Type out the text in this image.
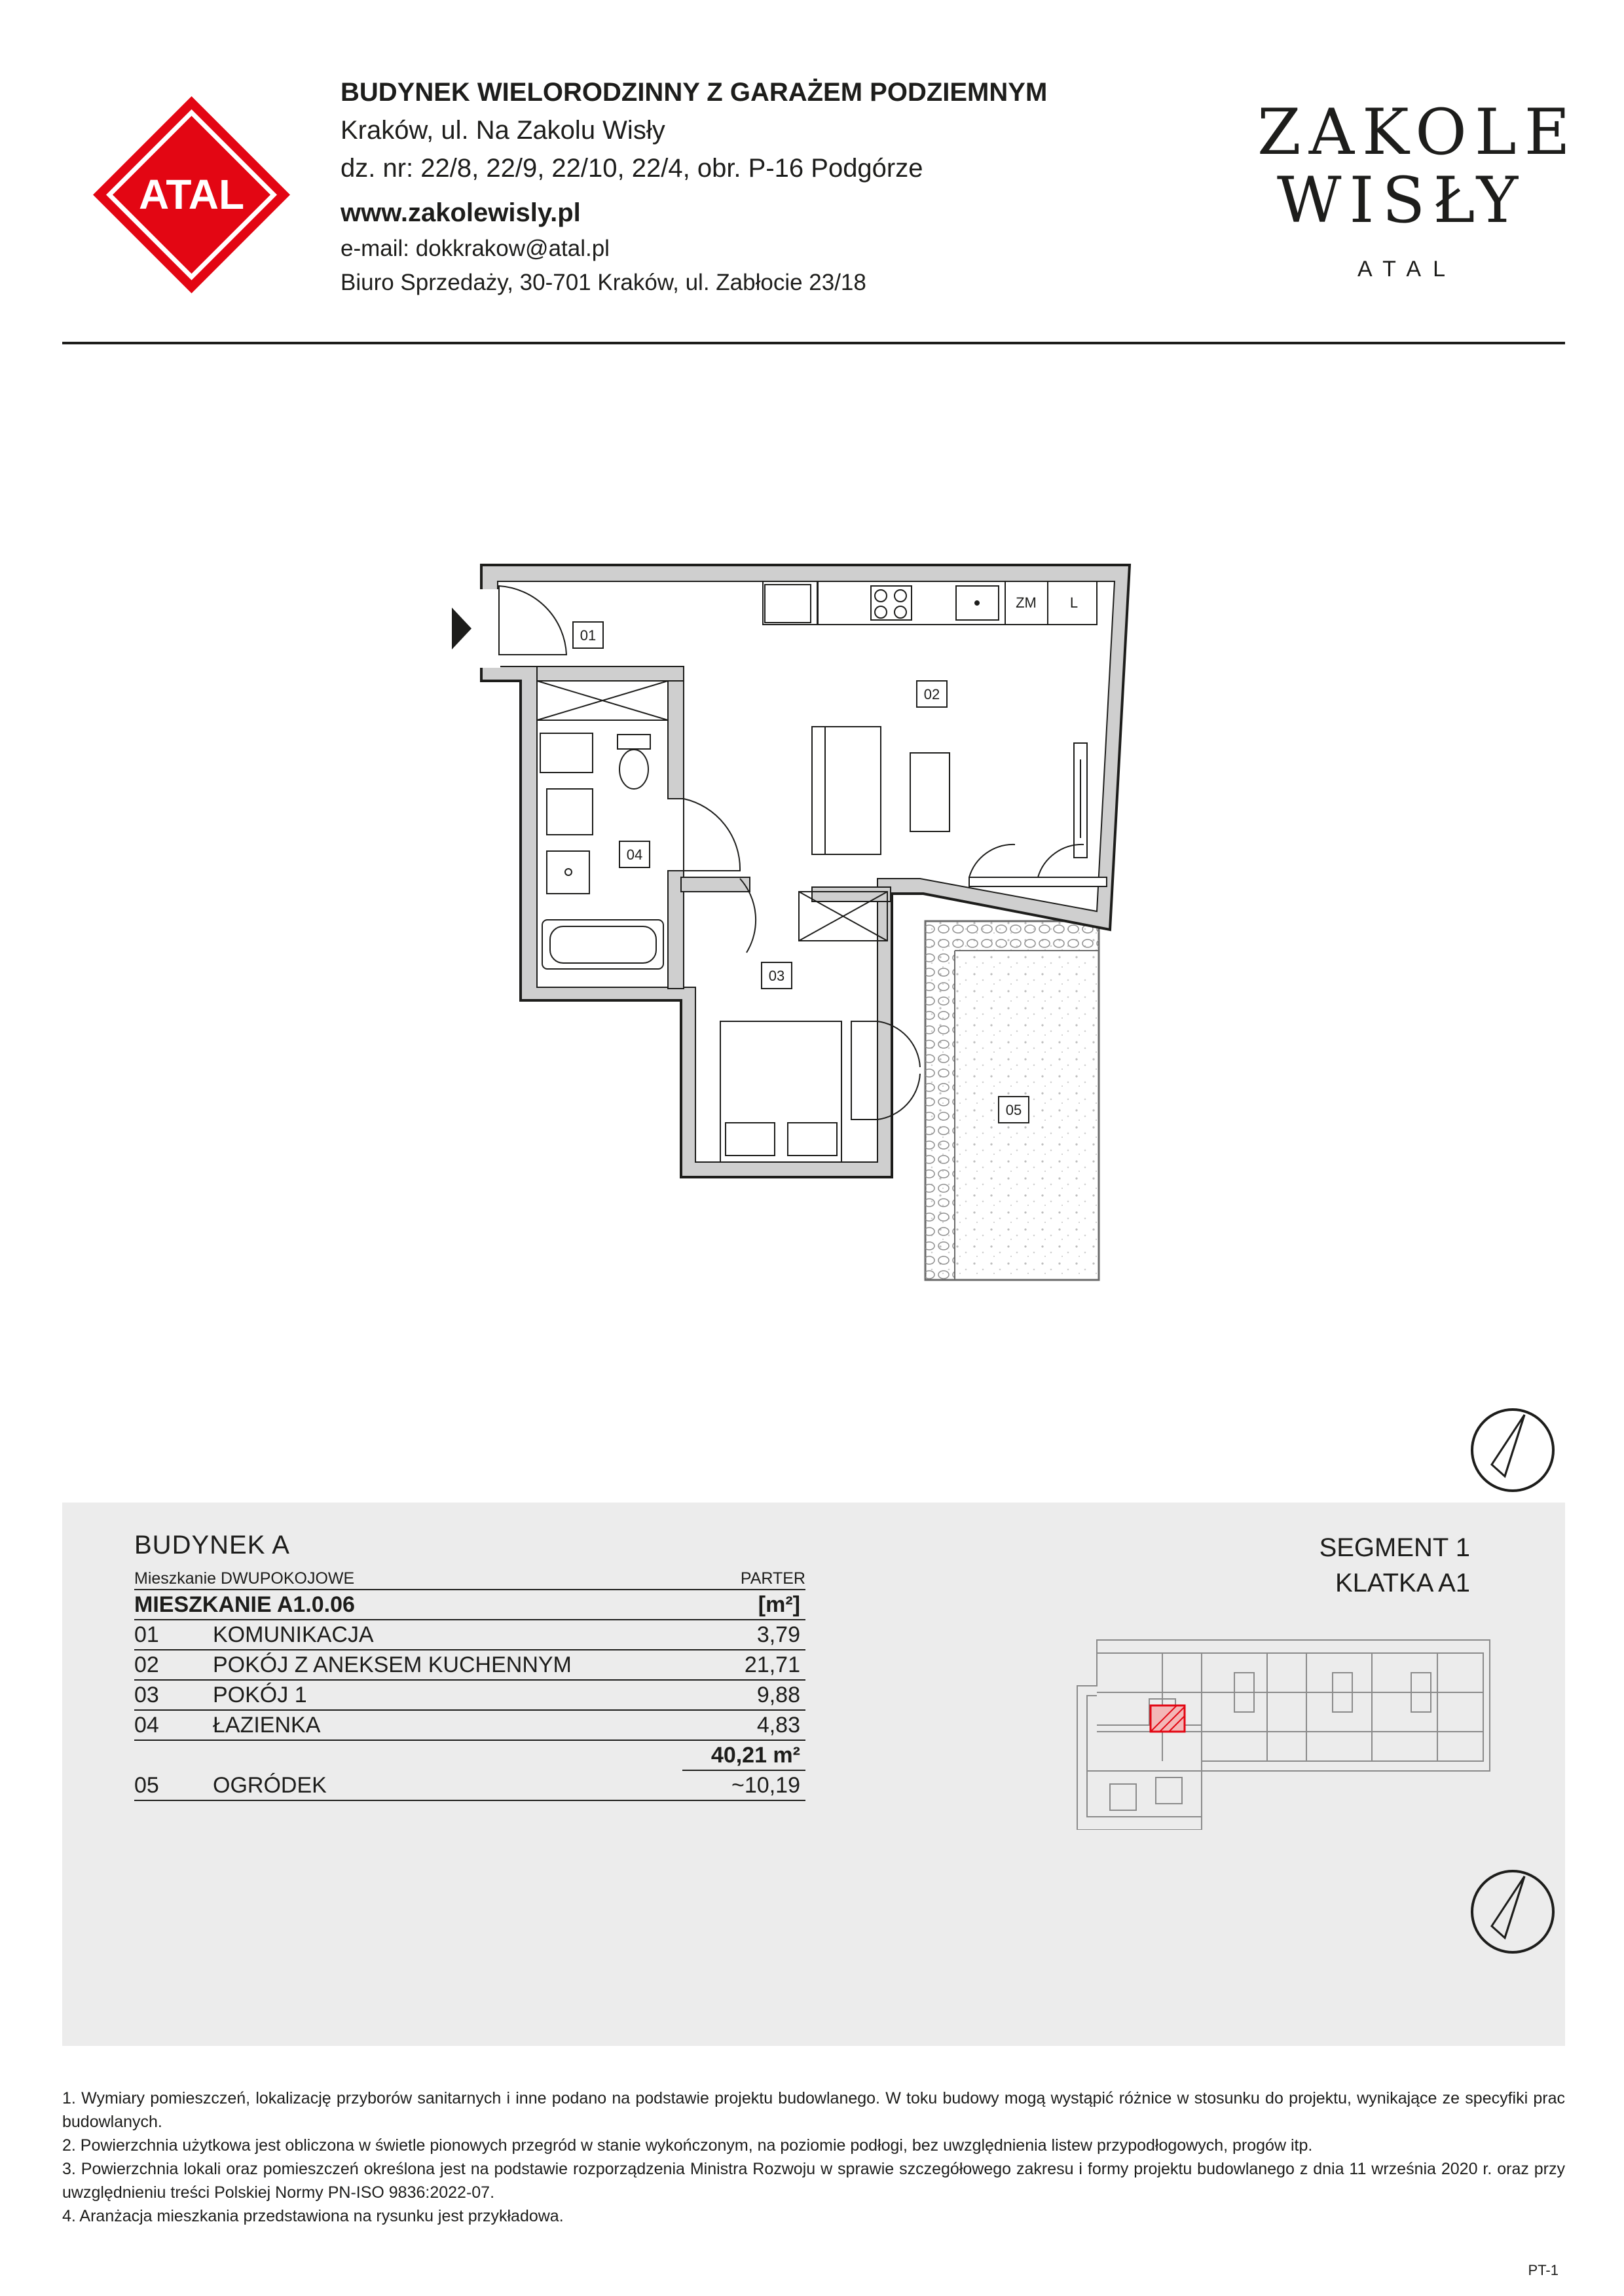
ATAL
BUDYNEK WIELORODZINNY Z GARAŻEM PODZIEMNYM
Kraków, ul. Na Zakolu Wisły
dz. nr: 22/8, 22/9, 22/10, 22/4, obr. P-16 Podgórze
www.zakolewisly.pl
e-mail: dokkrakow@atal.pl
Biuro Sprzedaży, 30-701 Kraków, ul. Zabłocie 23/18
ZAKOLE
WISŁY
ATAL
ZM L
01
02
03
04
05
BUDYNEK A
Mieszkanie DWUPOKOJOWE	PARTER
MIESZKANIE A1.0.06		[m²]
01	KOMUNIKACJA	3,79
02	POKÓJ Z ANEKSEM KUCHENNYM	21,71
03	POKÓJ 1	9,88
04	ŁAZIENKA	4,83
		40,21 m²
05	OGRÓDEK	~10,19
SEGMENT 1
KLATKA A1

1. Wymiary pomieszczeń, lokalizację przyborów sanitarnych i inne podano na podstawie projektu budowlanego. W toku budowy mogą wystąpić różnice w stosunku do projektu, wynikające ze specyfiki prac budowlanych.

2. Powierzchnia użytkowa jest obliczona w świetle pionowych przegród w stanie wykończonym, na poziomie podłogi, bez uwzględnienia listew przypodłogowych, progów itp.

3. Powierzchnia lokali oraz pomieszczeń określona jest na podstawie rozporządzenia Ministra Rozwoju w sprawie szczegółowego zakresu i formy projektu budowlanego z dnia 11 września 2020 r. oraz przy uwzględnieniu treści Polskiej Normy PN-ISO 9836:2022-07.

4. Aranżacja mieszkania przedstawiona na rysunku jest przykładowa.

PT-1
